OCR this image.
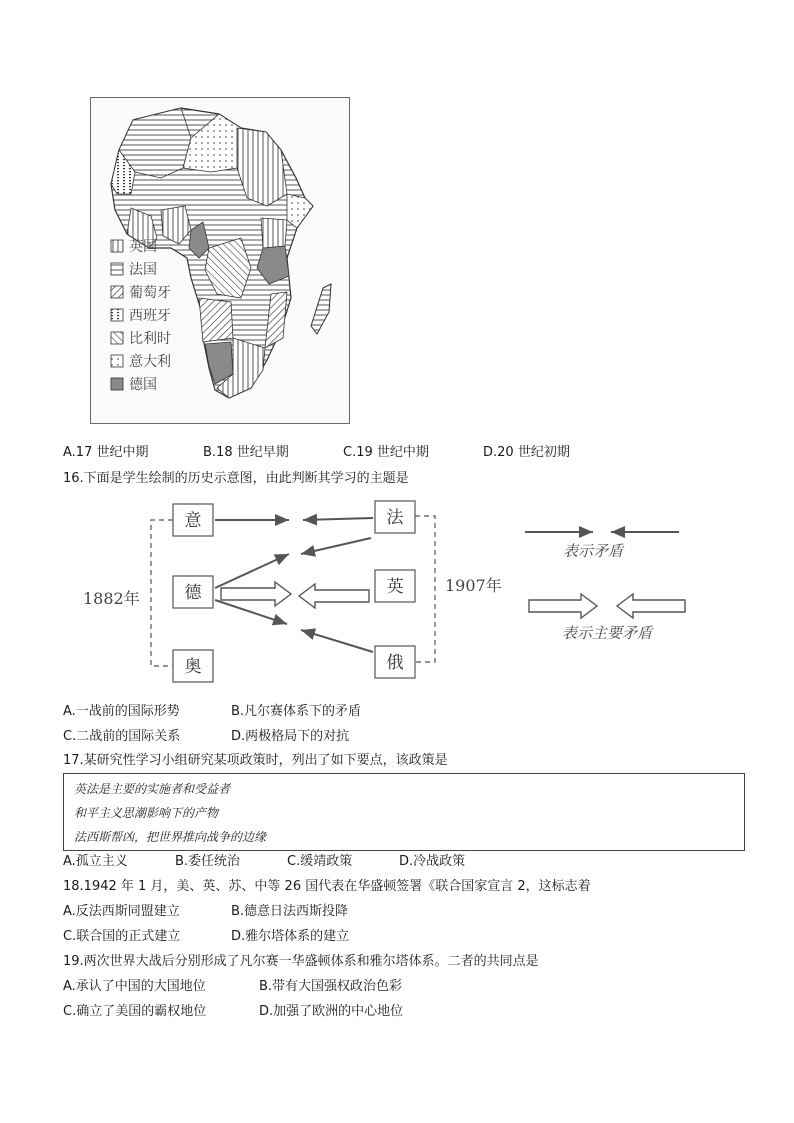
英国
法国
葡萄牙
西班牙
比利时
意大利
德国
A.17 世纪中期	B.18 世纪早期	C.19 世纪中期	D.20 世纪初期
16.下面是学生绘制的历史示意图，由此判断其学习的主题是
意
德
奥
法
英
俄
1882年
1907年
表示矛盾
表示主要矛盾
A.一战前的国际形势	B.凡尔赛体系下的矛盾
C.二战前的国际关系	D.两极格局下的对抗
17.某研究性学习小组研究某项政策时，列出了如下要点，该政策是
英法是主要的实施者和受益者
和平主义思潮影响下的产物
法西斯帮凶，把世界推向战争的边缘
A.孤立主义	B.委任统治	C.缓靖政策	D.冷战政策
18.1942 年 1 月，美、英、苏、中等 26 国代表在华盛顿签署《联合国家宣言 2，这标志着
A.反法西斯同盟建立	B.德意日法西斯投降
C.联合国的正式建立	D.雅尔塔体系的建立
19.两次世界大战后分别形成了凡尔赛一华盛顿体系和雅尔塔体系。二者的共同点是
A.承认了中国的大国地位	B.带有大国强权政治色彩
C.确立了美国的霸权地位	D.加强了欧洲的中心地位
